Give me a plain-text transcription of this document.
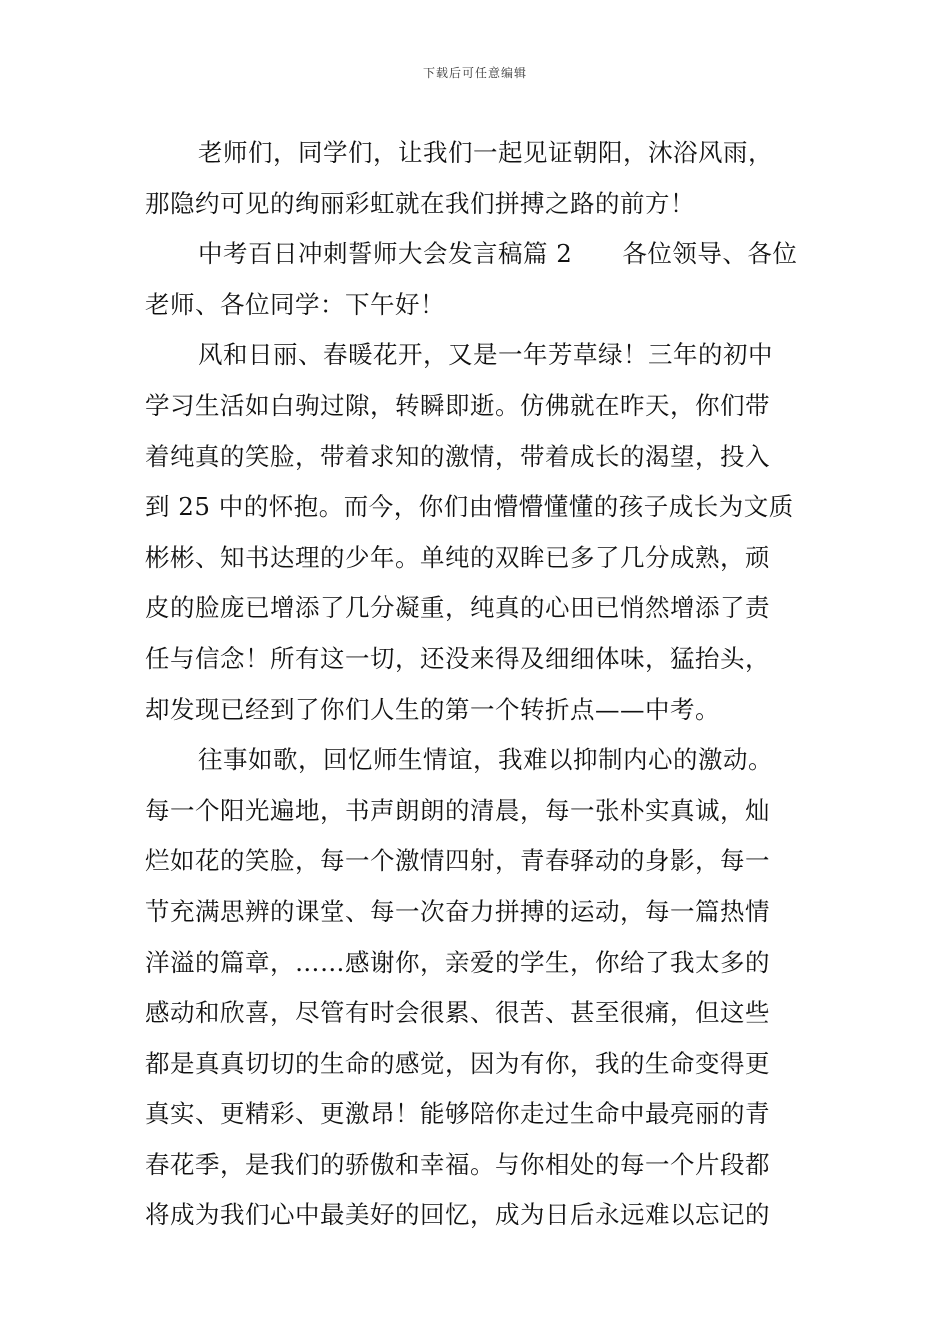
下载后可任意编辑
老师们，同学们，让我们一起见证朝阳，沐浴风雨，
那隐约可见的绚丽彩虹就在我们拼搏之路的前方！
中考百日冲刺誓师大会发言稿篇 2　　各位领导、各位
老师、各位同学：下午好！
风和日丽、春暖花开，又是一年芳草绿！三年的初中
学习生活如白驹过隙，转瞬即逝。仿佛就在昨天，你们带
着纯真的笑脸，带着求知的激情，带着成长的渴望，投入
到 25 中的怀抱。而今，你们由懵懵懂懂的孩子成长为文质
彬彬、知书达理的少年。单纯的双眸已多了几分成熟，顽
皮的脸庞已增添了几分凝重，纯真的心田已悄然增添了责
任与信念！所有这一切，还没来得及细细体味，猛抬头，
却发现已经到了你们人生的第一个转折点——中考。
往事如歌，回忆师生情谊，我难以抑制内心的激动。
每一个阳光遍地，书声朗朗的清晨，每一张朴实真诚，灿
烂如花的笑脸，每一个激情四射，青春驿动的身影，每一
节充满思辨的课堂、每一次奋力拼搏的运动，每一篇热情
洋溢的篇章，……感谢你，亲爱的学生，你给了我太多的
感动和欣喜，尽管有时会很累、很苦、甚至很痛，但这些
都是真真切切的生命的感觉，因为有你，我的生命变得更
真实、更精彩、更激昂！能够陪你走过生命中最亮丽的青
春花季，是我们的骄傲和幸福。与你相处的每一个片段都
将成为我们心中最美好的回忆，成为日后永远难以忘记的
